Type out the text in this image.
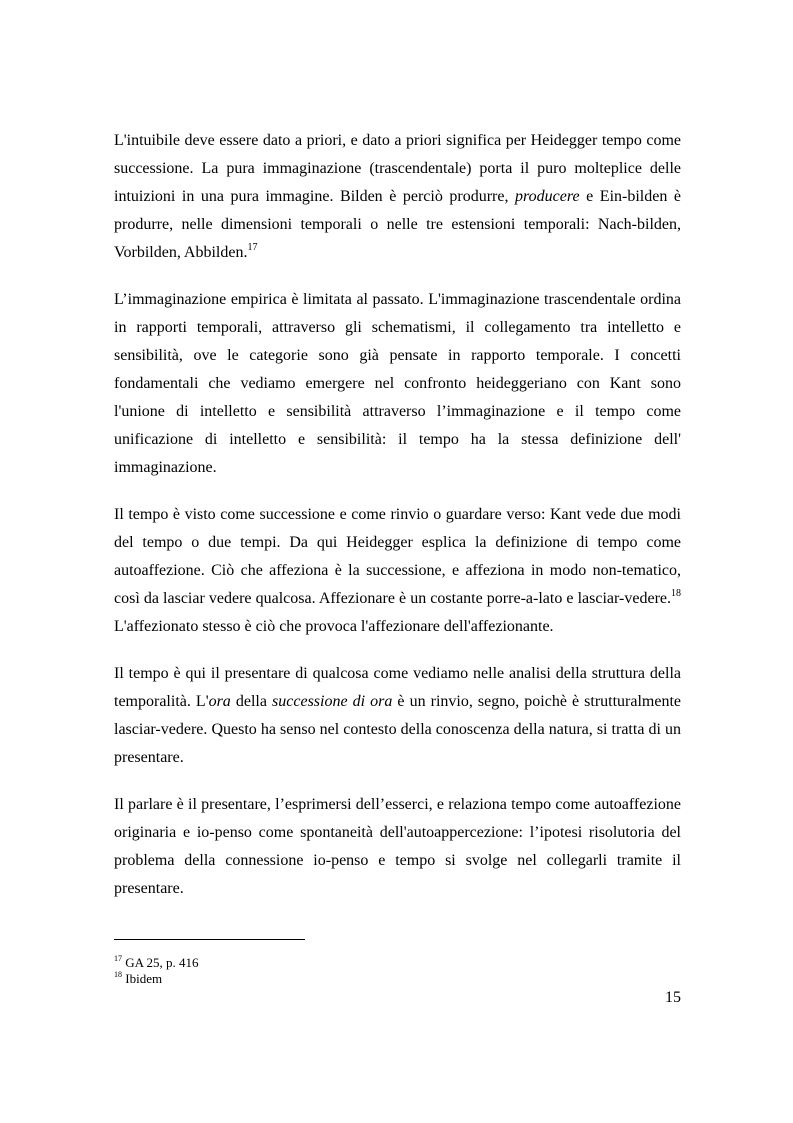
L'intuibile deve essere dato a priori, e dato a priori significa per Heidegger tempo come successione. La pura immaginazione (trascendentale) porta il puro molteplice delle intuizioni in una pura immagine. Bilden è perciò produrre, producere e Ein-bilden è produrre, nelle dimensioni temporali o nelle tre estensioni temporali: Nach-bilden, Vorbilden, Abbilden.$^{17}$

L’immaginazione empirica è limitata al passato. L'immaginazione trascendentale ordina in rapporti temporali, attraverso gli schematismi, il collegamento tra intelletto e sensibilità, ove le categorie sono già pensate in rapporto temporale. I concetti fondamentali che vediamo emergere nel confronto heideggeriano con Kant sono l'unione di intelletto e sensibilità attraverso l’immaginazione e il tempo come unificazione di intelletto e sensibilità: il tempo ha la stessa definizione dell' immaginazione.

Il tempo è visto come successione e come rinvio o guardare verso: Kant vede due modi del tempo o due tempi. Da qui Heidegger esplica la definizione di tempo come autoaffezione. Ciò che affeziona è la successione, e affeziona in modo non-tematico, così da lasciar vedere qualcosa. Affezionare è un costante porre-a-lato e lasciar-vedere.$^{18}$ L'affezionato stesso è ciò che provoca l'affezionare dell'affezionante.

Il tempo è qui il presentare di qualcosa come vediamo nelle analisi della struttura della temporalità. L'ora della successione di ora è un rinvio, segno, poichè è strutturalmente lasciar-vedere. Questo ha senso nel contesto della conoscenza della natura, si tratta di un presentare.

Il parlare è il presentare, l’esprimersi dell’esserci, e relaziona tempo come autoaffezione originaria e io-penso come spontaneità dell'autoappercezione: l’ipotesi risolutoria del problema della connessione io-penso e tempo si svolge nel collegarli tramite il presentare.

$^{17}$ GA 25, p. 416

$^{18}$ Ibidem

15
